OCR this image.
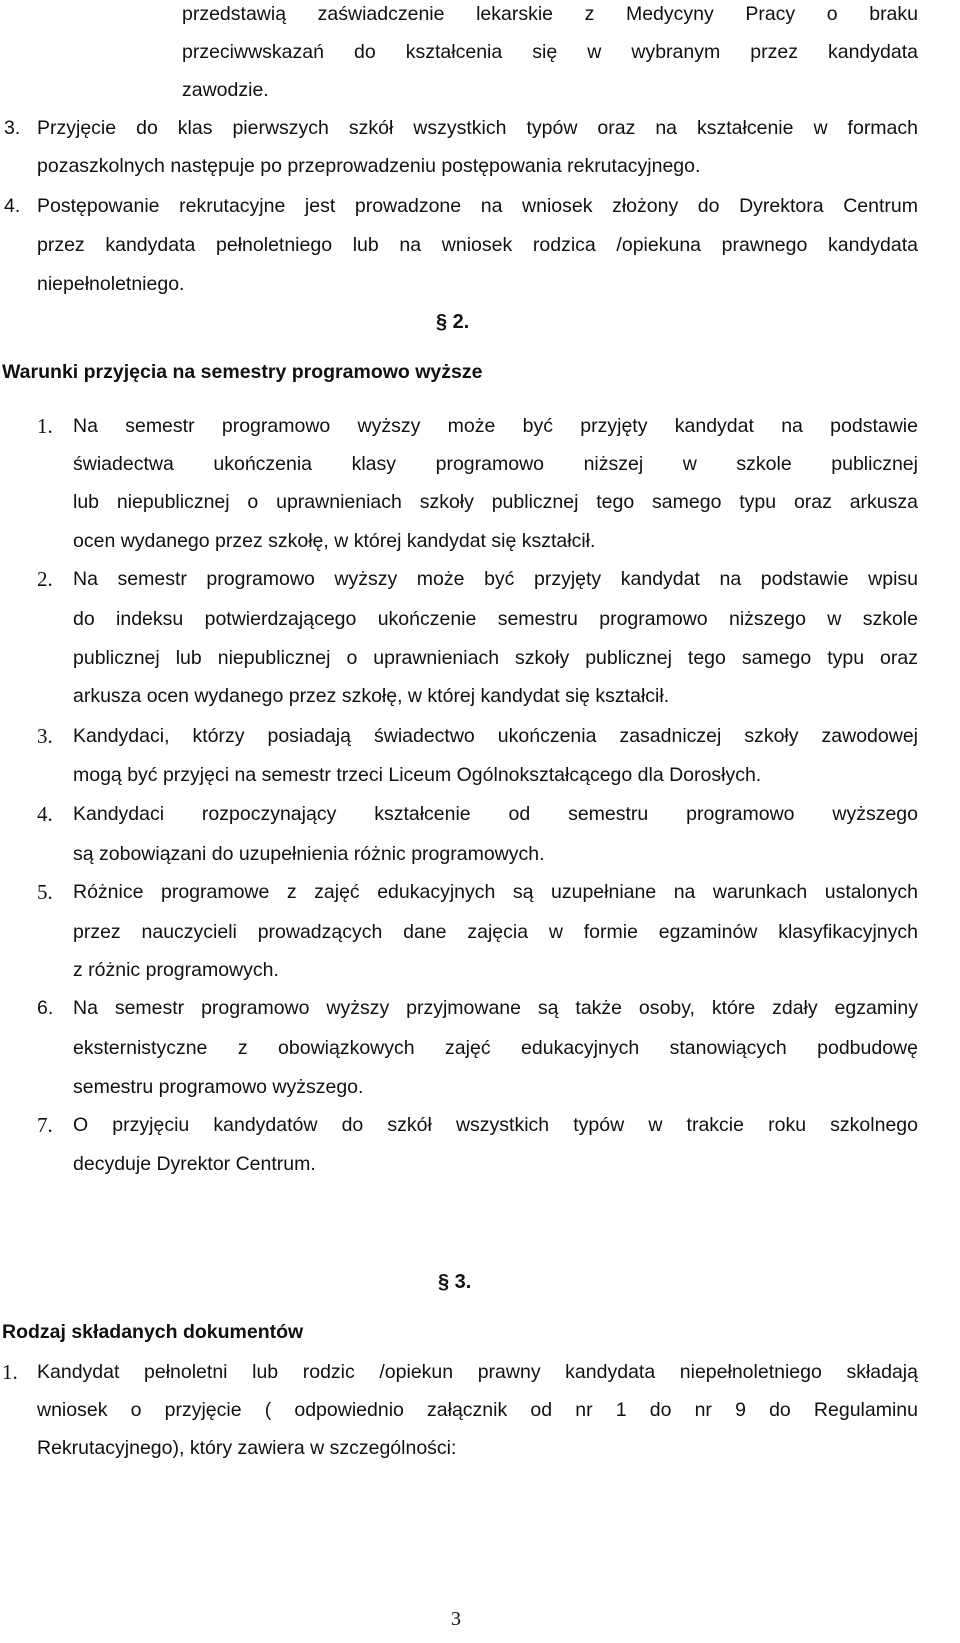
przedstawią zaświadczenie lekarskie z Medycyny Pracy o braku
przeciwwskazań do kształcenia się w wybranym przez kandydata
zawodzie.
3. Przyjęcie do klas pierwszych szkół wszystkich typów oraz na kształcenie w formach
pozaszkolnych następuje po przeprowadzeniu postępowania rekrutacyjnego.
4. Postępowanie rekrutacyjne jest prowadzone na wniosek złożony do Dyrektora Centrum
przez kandydata pełnoletniego lub na wniosek rodzica /opiekuna prawnego kandydata
niepełnoletniego.
§ 2.
Warunki przyjęcia na semestry programowo wyższe
1. Na semestr programowo wyższy może być przyjęty kandydat na podstawie
świadectwa ukończenia klasy programowo niższej w szkole publicznej
lub niepublicznej o uprawnieniach szkoły publicznej tego samego typu oraz arkusza
ocen wydanego przez szkołę, w której kandydat się kształcił.
2. Na semestr programowo wyższy może być przyjęty kandydat na podstawie wpisu
do indeksu potwierdzającego ukończenie semestru programowo niższego w szkole
publicznej lub niepublicznej o uprawnieniach szkoły publicznej tego samego typu oraz
arkusza ocen wydanego przez szkołę, w której kandydat się kształcił.
3. Kandydaci, którzy posiadają świadectwo ukończenia zasadniczej szkoły zawodowej
mogą być przyjęci na semestr trzeci Liceum Ogólnokształcącego dla Dorosłych.
4. Kandydaci rozpoczynający kształcenie od semestru programowo wyższego
są zobowiązani do uzupełnienia różnic programowych.
5. Różnice programowe z zajęć edukacyjnych są uzupełniane na warunkach ustalonych
przez nauczycieli prowadzących dane zajęcia w formie egzaminów klasyfikacyjnych
z różnic programowych.
6. Na semestr programowo wyższy przyjmowane są także osoby, które zdały egzaminy
eksternistyczne z obowiązkowych zajęć edukacyjnych stanowiących podbudowę
semestru programowo wyższego.
7. O przyjęciu kandydatów do szkół wszystkich typów w trakcie roku szkolnego
decyduje Dyrektor Centrum.
§ 3.
Rodzaj składanych dokumentów
1. Kandydat pełnoletni lub rodzic /opiekun prawny kandydata niepełnoletniego składają
wniosek o przyjęcie ( odpowiednio załącznik od nr 1 do nr 9 do Regulaminu
Rekrutacyjnego), który zawiera w szczególności:
3
